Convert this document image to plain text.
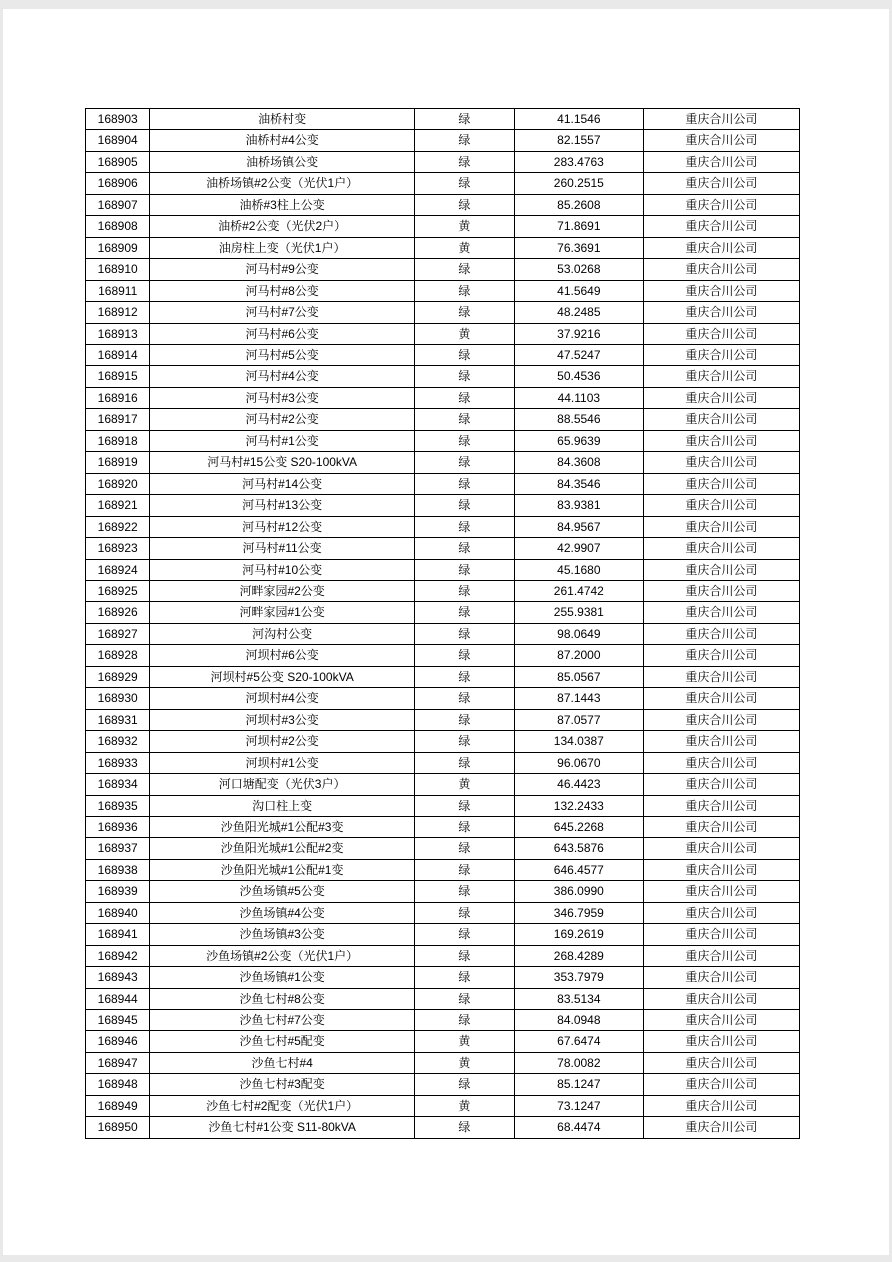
168903	油桥村变	绿	41.1546	重庆合川公司
168904	油桥村#4公变	绿	82.1557	重庆合川公司
168905	油桥场镇公变	绿	283.4763	重庆合川公司
168906	油桥场镇#2公变（光伏1户）	绿	260.2515	重庆合川公司
168907	油桥#3柱上公变	绿	85.2608	重庆合川公司
168908	油桥#2公变（光伏2户）	黄	71.8691	重庆合川公司
168909	油房柱上变（光伏1户）	黄	76.3691	重庆合川公司
168910	河马村#9公变	绿	53.0268	重庆合川公司
168911	河马村#8公变	绿	41.5649	重庆合川公司
168912	河马村#7公变	绿	48.2485	重庆合川公司
168913	河马村#6公变	黄	37.9216	重庆合川公司
168914	河马村#5公变	绿	47.5247	重庆合川公司
168915	河马村#4公变	绿	50.4536	重庆合川公司
168916	河马村#3公变	绿	44.1103	重庆合川公司
168917	河马村#2公变	绿	88.5546	重庆合川公司
168918	河马村#1公变	绿	65.9639	重庆合川公司
168919	河马村#15公变 S20-100kVA	绿	84.3608	重庆合川公司
168920	河马村#14公变	绿	84.3546	重庆合川公司
168921	河马村#13公变	绿	83.9381	重庆合川公司
168922	河马村#12公变	绿	84.9567	重庆合川公司
168923	河马村#11公变	绿	42.9907	重庆合川公司
168924	河马村#10公变	绿	45.1680	重庆合川公司
168925	河畔家园#2公变	绿	261.4742	重庆合川公司
168926	河畔家园#1公变	绿	255.9381	重庆合川公司
168927	河沟村公变	绿	98.0649	重庆合川公司
168928	河坝村#6公变	绿	87.2000	重庆合川公司
168929	河坝村#5公变 S20-100kVA	绿	85.0567	重庆合川公司
168930	河坝村#4公变	绿	87.1443	重庆合川公司
168931	河坝村#3公变	绿	87.0577	重庆合川公司
168932	河坝村#2公变	绿	134.0387	重庆合川公司
168933	河坝村#1公变	绿	96.0670	重庆合川公司
168934	河口塘配变（光伏3户）	黄	46.4423	重庆合川公司
168935	沟口柱上变	绿	132.2433	重庆合川公司
168936	沙鱼阳光城#1公配#3变	绿	645.2268	重庆合川公司
168937	沙鱼阳光城#1公配#2变	绿	643.5876	重庆合川公司
168938	沙鱼阳光城#1公配#1变	绿	646.4577	重庆合川公司
168939	沙鱼场镇#5公变	绿	386.0990	重庆合川公司
168940	沙鱼场镇#4公变	绿	346.7959	重庆合川公司
168941	沙鱼场镇#3公变	绿	169.2619	重庆合川公司
168942	沙鱼场镇#2公变（光伏1户）	绿	268.4289	重庆合川公司
168943	沙鱼场镇#1公变	绿	353.7979	重庆合川公司
168944	沙鱼七村#8公变	绿	83.5134	重庆合川公司
168945	沙鱼七村#7公变	绿	84.0948	重庆合川公司
168946	沙鱼七村#5配变	黄	67.6474	重庆合川公司
168947	沙鱼七村#4	黄	78.0082	重庆合川公司
168948	沙鱼七村#3配变	绿	85.1247	重庆合川公司
168949	沙鱼七村#2配变（光伏1户）	黄	73.1247	重庆合川公司
168950	沙鱼七村#1公变 S11-80kVA	绿	68.4474	重庆合川公司
